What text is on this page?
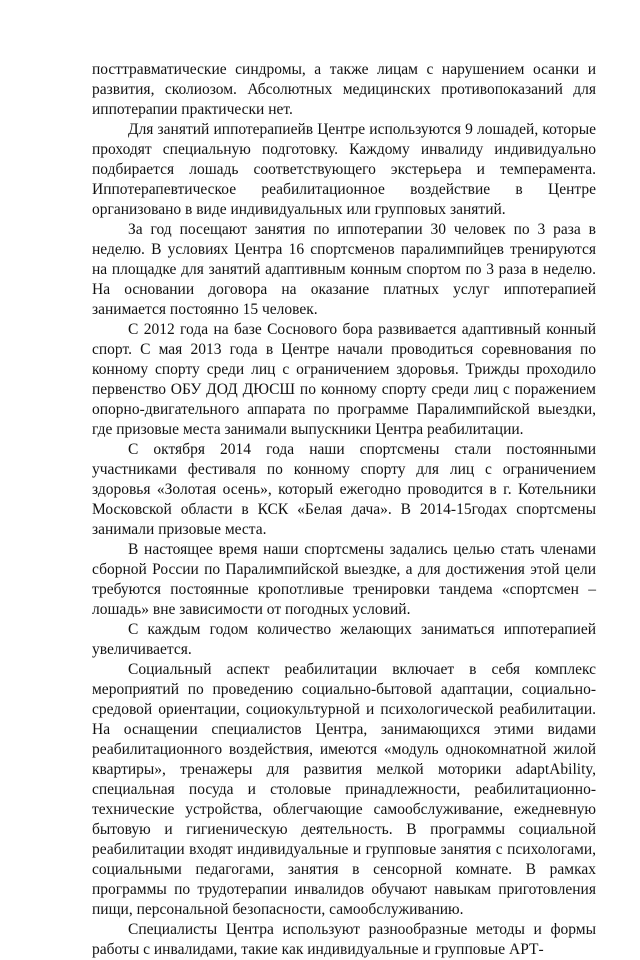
посттравматические синдромы, а также лицам с нарушением осанки и развития, сколиозом. Абсолютных медицинских противопоказаний для иппотерапии практически нет.

Для занятий иппотерапиейв Центре используются 9 лошадей, которые проходят специальную подготовку. Каждому инвалиду индивидуально подбирается лошадь соответствующего экстерьера и темперамента. Иппотерапевтическое реабилитационное воздействие в Центре организовано в виде индивидуальных или групповых занятий.

За год посещают занятия по иппотерапии 30 человек по 3 раза в неделю. В условиях Центра 16 спортсменов паралимпийцев тренируются на площадке для занятий адаптивным конным спортом по 3 раза в неделю. На основании договора на оказание платных услуг иппотерапией занимается постоянно 15 человек.

С 2012 года на базе Соснового бора развивается адаптивный конный спорт. С мая 2013 года в Центре начали проводиться соревнования по конному спорту среди лиц с ограничением здоровья. Трижды проходило первенство ОБУ ДОД ДЮСШ по конному спорту среди лиц с поражением опорно-двигательного аппарата по программе Паралимпийской выездки, где призовые места занимали выпускники Центра реабилитации.

С октября 2014 года наши спортсмены стали постоянными участниками фестиваля по конному спорту для лиц с ограничением здоровья «Золотая осень», который ежегодно проводится в г. Котельники Московской области в КСК «Белая дача». В 2014-15годах спортсмены занимали призовые места.

В настоящее время наши спортсмены задались целью стать членами сборной России по Паралимпийской выездке, а для достижения этой цели требуются постоянные кропотливые тренировки тандема «спортсмен – лошадь» вне зависимости от погодных условий.

С каждым годом количество желающих заниматься иппотерапией увеличивается.

Социальный аспект реабилитации включает в себя комплекс мероприятий по проведению социально-бытовой адаптации, социально-средовой ориентации, социокультурной и психологической реабилитации. На оснащении специалистов Центра, занимающихся этими видами реабилитационного воздействия, имеются «модуль однокомнатной жилой квартиры», тренажеры для развития мелкой моторики adaptAbility, специальная посуда и столовые принадлежности, реабилитационно-технические устройства, облегчающие самообслуживание, ежедневную бытовую и гигиеническую деятельность. В программы социальной реабилитации входят индивидуальные и групповые занятия с психологами, социальными педагогами, занятия в сенсорной комнате. В рамках программы по трудотерапии инвалидов обучают навыкам приготовления пищи, персональной безопасности, самообслуживанию.

Специалисты Центра используют разнообразные методы и формы работы с инвалидами, такие как индивидуальные и групповые АРТ-
